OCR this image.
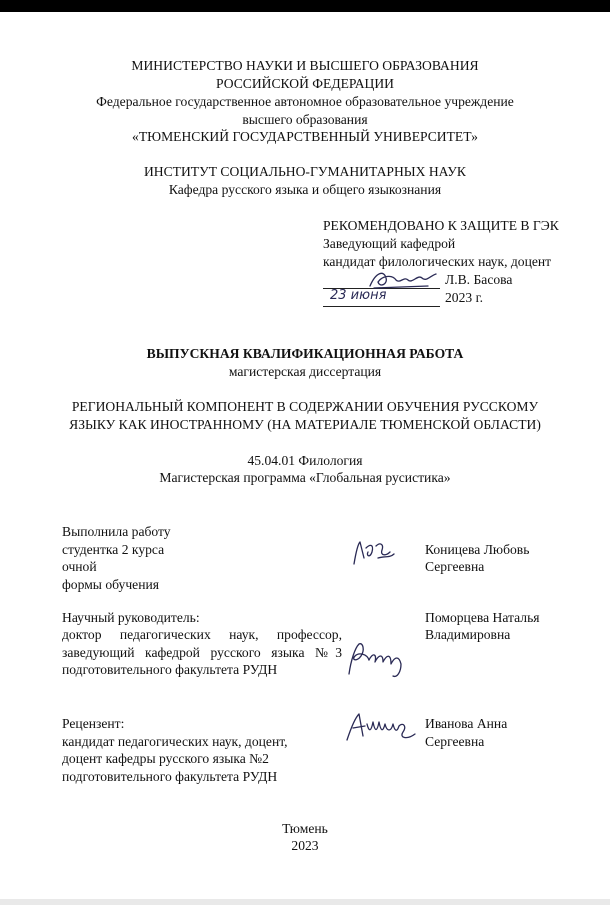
МИНИСТЕРСТВО НАУКИ И ВЫСШЕГО ОБРАЗОВАНИЯ
РОССИЙСКОЙ ФЕДЕРАЦИИ
Федеральное государственное автономное образовательное учреждение
высшего образования
«ТЮМЕНСКИЙ ГОСУДАРСТВЕННЫЙ УНИВЕРСИТЕТ»
ИНСТИТУТ СОЦИАЛЬНО-ГУМАНИТАРНЫХ НАУК
Кафедра русского языка и общего языкознания
РЕКОМЕНДОВАНО К ЗАЩИТЕ В ГЭК
Заведующий кафедрой
кандидат филологических наук, доцент
Л.В. Басова
23 июня	2023 г.
ВЫПУСКНАЯ КВАЛИФИКАЦИОННАЯ РАБОТА
магистерская диссертация
РЕГИОНАЛЬНЫЙ КОМПОНЕНТ В СОДЕРЖАНИИ ОБУЧЕНИЯ РУССКОМУ
ЯЗЫКУ КАК ИНОСТРАННОМУ (НА МАТЕРИАЛЕ ТЮМЕНСКОЙ ОБЛАСТИ)
45.04.01 Филология
Магистерская программа «Глобальная русистика»
Выполнила работу
студентка 2 курса
очной
формы обучения
Коницева Любовь
Сергеевна
Научный руководитель:
доктор педагогических наук, профессор,
заведующий кафедрой русского языка №3
подготовительного факультета РУДН
Поморцева Наталья
Владимировна
Рецензент:
кандидат педагогических наук, доцент,
доцент кафедры русского языка №2
подготовительного факультета РУДН
Иванова Анна
Сергеевна
Тюмень
2023
